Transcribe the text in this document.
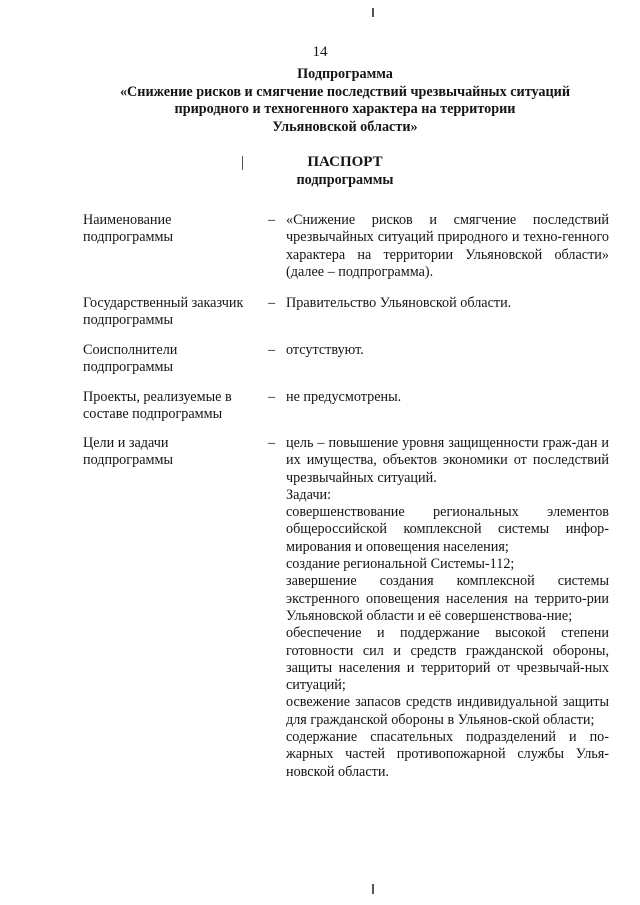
14
Подпрограмма
«Снижение рисков и смягчение последствий чрезвычайных ситуаций
природного и техногенного характера на территории
Ульяновской области»
ПАСПОРТ
подпрограммы
Наименование подпрограммы
– «Снижение рисков и смягчение последствий чрезвычайных ситуаций природного и техно-генного характера на территории Ульяновской области» (далее – подпрограмма).

Государственный заказчик подпрограммы
– Правительство Ульяновской области.

Соисполнители подпрограммы
– отсутствуют.

Проекты, реализуемые в составе подпрограммы
– не предусмотрены.

Цели и задачи подпрограммы
– цель – повышение уровня защищенности граж-дан и их имущества, объектов экономики от последствий чрезвычайных ситуаций.

Задачи:

совершенствование региональных элементов общероссийской комплексной системы инфор-мирования и оповещения населения;

создание региональной Системы-112;

завершение создания комплексной системы экстренного оповещения населения на террито-рии Ульяновской области и её совершенствова-ние;

обеспечение и поддержание высокой степени готовности сил и средств гражданской обороны, защиты населения и территорий от чрезвычай-ных ситуаций;

освежение запасов средств индивидуальной защиты для гражданской обороны в Ульянов-ской области;

содержание спасательных подразделений и по-жарных частей противопожарной службы Улья-новской области.
